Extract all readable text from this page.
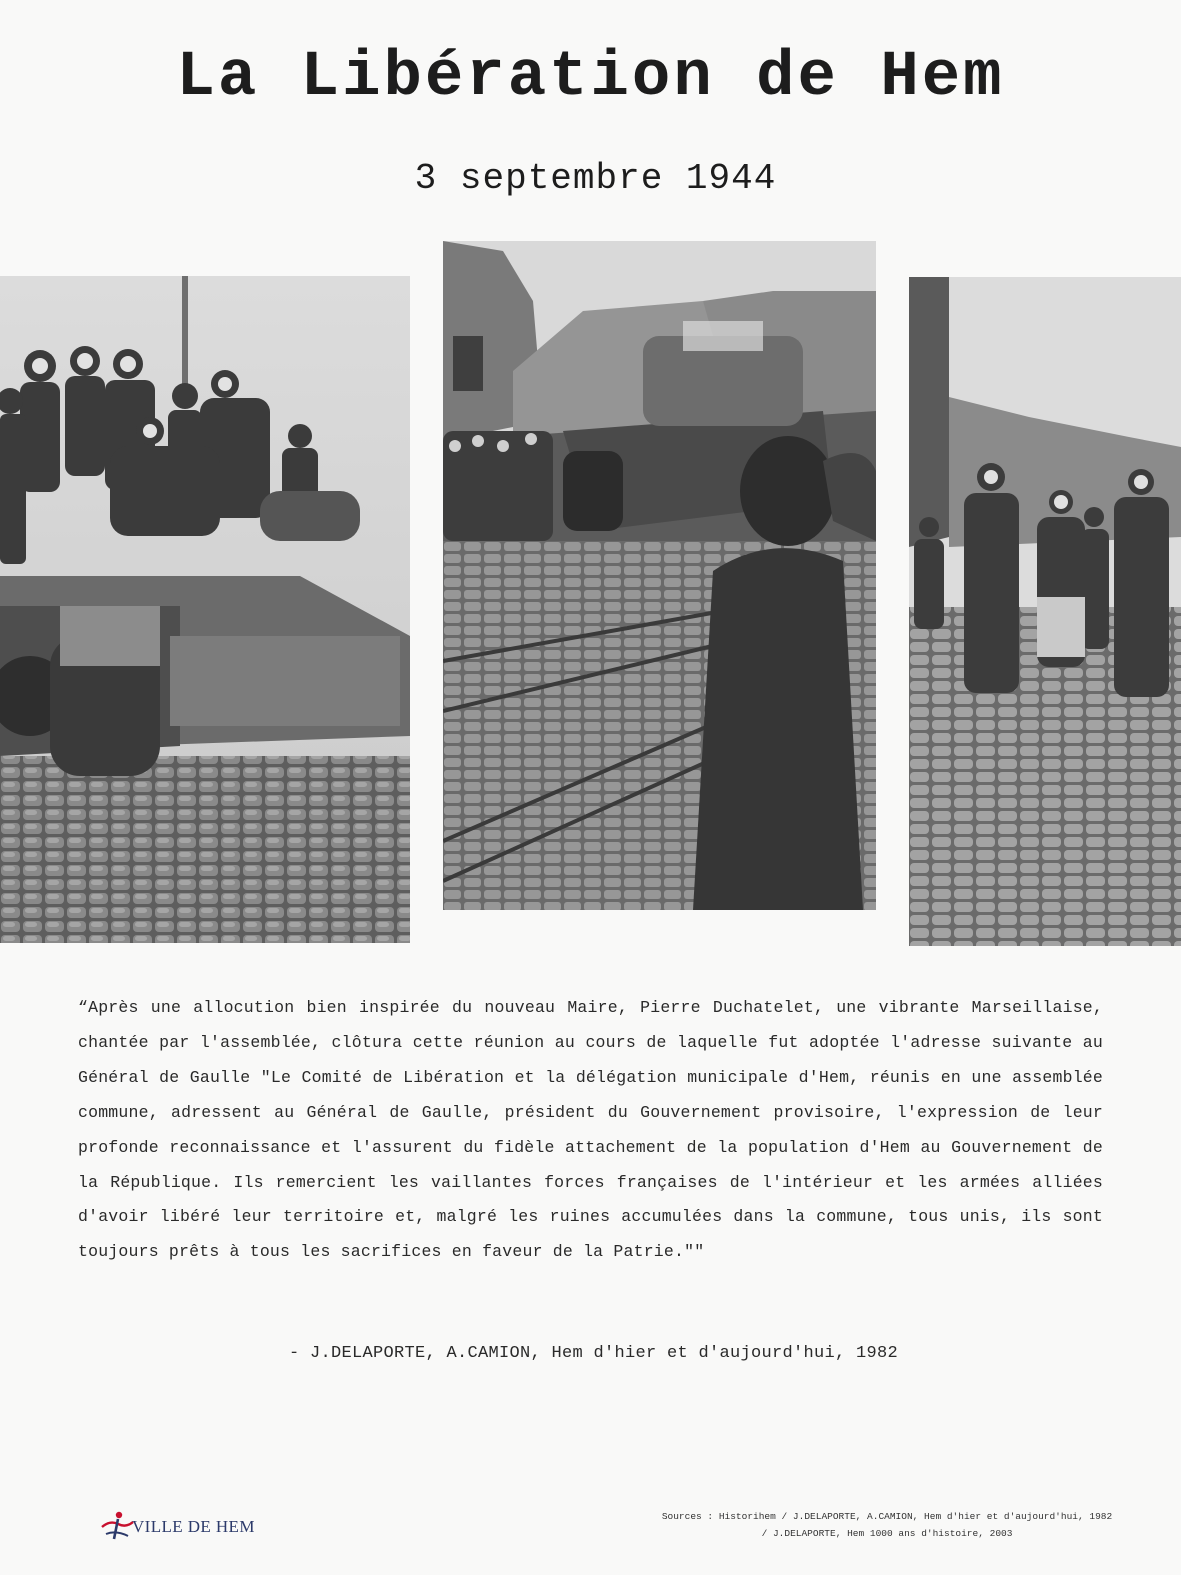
La Libération de Hem
3 septembre 1944

“Après une allocution bien inspirée du nouveau Maire, Pierre Duchatelet, une vibrante Marseillaise, chantée par l'assemblée, clôtura cette réunion au cours de laquelle fut adoptée l'adresse suivante au Général de Gaulle "Le Comité de Libération et la délégation municipale d'Hem, réunis en une assemblée commune, adressent au Général de Gaulle, président du Gouvernement provisoire, l'expression de leur profonde reconnaissance et l'assurent du fidèle attachement de la population d'Hem au Gouvernement de la République. Ils remercient les vaillantes forces françaises de l'intérieur et les armées alliées d'avoir libéré leur territoire et, malgré les ruines accumulées dans la commune, tous unis, ils sont toujours prêts à tous les sacrifices en faveur de la Patrie.""

- J.DELAPORTE, A.CAMION, Hem d'hier et d'aujourd'hui, 1982
VILLE DE HEM
Sources : Historihem / J.DELAPORTE, A.CAMION, Hem d'hier et d'aujourd'hui, 1982
/ J.DELAPORTE, Hem 1000 ans d'histoire, 2003
